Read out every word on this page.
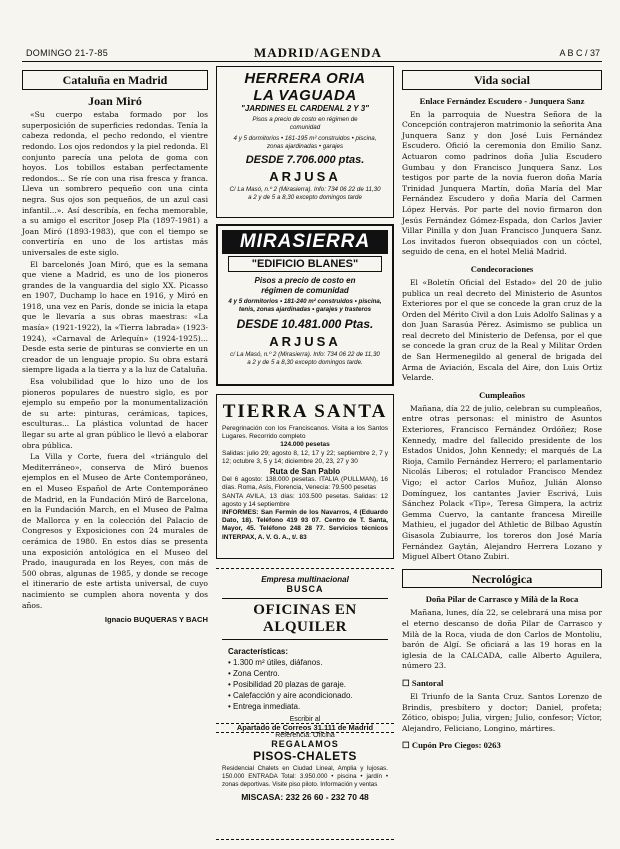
DOMINGO 21-7-85	MADRID/AGENDA	A B C / 37
Cataluña en Madrid
Joan Miró

«Su cuerpo estaba formado por los superposición de superficies redondas. Tenía la cabeza redonda, el pecho redondo, el vientre redondo. Los ojos redondos y la piel redonda. El conjunto parecía una pelota de goma con hoyos. Los tobillos estaban perfectamente redondos... Se ríe con una risa fresca y franca. Lleva un sombrero pequeño con una cinta negra. Sus ojos son pequeños, de un azul casi infantil...». Así describía, en fecha memorable, a su amigo el escritor Josep Pla (1897-1981) a Joan Miró (1893-1983), que con el tiempo se convertiría en uno de los artistas más universales de este siglo.

El barcelonés Joan Miró, que es la semana que viene a Madrid, es uno de los pioneros grandes de la vanguardia del siglo XX. Picasso en 1907, Duchamp lo hace en 1916, y Miró en 1918, una vez en París, donde se inicia la etapa que le llevaría a sus obras maestras: «La masía» (1921-1922), la «Tierra labrada» (1923-1924), «Carnaval de Arlequín» (1924-1925)... Desde esta serie de pinturas se convierte en un creador de un lenguaje propio. Su obra estará siempre ligada a la tierra y a la luz de Cataluña.

Esa volubilidad que lo hizo uno de los pioneros populares de nuestro siglo, es por ejemplo su empeño por la monumentalización de su arte: pinturas, cerámicas, tapices, esculturas... La plástica voluntad de hacer llegar su arte al gran público le llevó a elaborar obra pública.

La Villa y Corte, fuera del «triángulo del Mediterráneo», conserva de Miró buenos ejemplos en el Museo de Arte Contemporáneo, en el Museo Español de Arte Contemporáneo de Madrid, en la Fundación Miró de Barcelona, en la Fundación March, en el Museo de Palma de Mallorca y en la colección del Palacio de Congresos y Exposiciones con 24 murales de cerámica de 1980. En estos días se presenta una exposición antológica en el Museo del Prado, inaugurada en los Reyes, con más de 500 obras, algunas de 1985, y donde se recoge el itinerario de este artista universal, de cuyo nacimiento se cumplen ahora noventa y dos años.

Ignacio BUQUERAS Y BACH
HERRERA ORIA
LA VAGUADA
"JARDINES EL CARDENAL 2 Y 3"
Pisos a precio de costo en régimen de comunidad
4 y 5 dormitorios • 161-195 m² construidos • piscina, zonas ajardinadas • garajes
DESDE 7.706.000 ptas.
ARJUSA
C/ La Masó, n.º 2 (Mirasierra). Info: 734 06 22 de 11,30 a 2 y de 5 a 8,30 excepto domingos tarde
MIRASIERRA
"EDIFICIO BLANES"
Pisos a precio de costo en régimen de comunidad
4 y 5 dormitorios • 181-240 m² construidos • piscina, tenis, zonas ajardinadas • garajes y trasteros
DESDE 10.481.000 Ptas.
ARJUSA
c/ La Masó, n.º 2 (Mirasierra). Info: 734 06 22 de 11,30 a 2 y de 5 a 8,30 excepto domingos tarde.
TIERRA SANTA
Peregrinación con los Franciscanos. Visita a los Santos Lugares. Recorrido completo
124.000 pesetas
Salidas: julio 29; agosto 8, 12, 17 y 22; septiembre 2, 7 y 12; octubre 3, 5 y 14; diciembre 20, 23, 27 y 30
Ruta de San Pablo
Del 6 agosto: 138.000 pesetas. ITALIA (PULLMAN), 16 días. Roma, Asís, Florencia, Venecia: 79.500 pesetas
SANTA AVILA, 13 días: 103.500 pesetas. Salidas: 12 agosto y 14 septiembre
INFORMES: San Fermín de los Navarros, 4 (Eduardo Dato, 18). Teléfono 419 93 07. Centro de T. Santa, Mayor, 45. Teléfono 248 28 77. Servicios técnicos INTERPAX, A. V. G. A., t/. 83
Empresa multinacional
BUSCA
OFICINAS EN ALQUILER
Características:
• 1.300 m² útiles, diáfanos.
• Zona Centro.
• Posibilidad 20 plazas de garaje.
• Calefacción y aire acondicionado.
• Entrega inmediata.
Escribir al
Apartado de Correos 31.111 de Madrid
Referencia: Oficina
REGALAMOS
PISOS-CHALETS
Residencial Chalets en Ciudad Lineal, Amplia y lujosas. 150.000 ENTRADA Total: 3.950.000 • piscina • jardín • zonas deportivas. Visite piso piloto. Información y ventas
MISCASA: 232 26 60 - 232 70 48
Vida social
Enlace Fernández Escudero - Junquera Sanz

En la parroquia de Nuestra Señora de la Concepción contrajeron matrimonio la señorita Ana Junquera Sanz y don José Luis Fernández Escudero. Ofició la ceremonia don Emilio Sanz. Actuaron como padrinos doña Julia Escudero Gumbau y don Francisco Junquera Sanz. Los testigos por parte de la novia fueron doña María Trinidad Junquera Martín, doña María del Mar Fernández Escudero y doña María del Carmen López Hervás. Por parte del novio firmaron don Jesús Fernández Gómez-Espada, don Carlos Javier Villar Pinilla y don Juan Francisco Junquera Sanz. Los invitados fueron obsequiados con un cóctel, seguido de cena, en el hotel Meliá Madrid.

Condecoraciones

El «Boletín Oficial del Estado» del 20 de julio publica un real decreto del Ministerio de Asuntos Exteriores por el que se concede la gran cruz de la Orden del Mérito Civil a don Luis Adolfo Salinas y a don Juan Sarasúa Pérez. Asimismo se publica un real decreto del Ministerio de Defensa, por el que se concede la gran cruz de la Real y Militar Orden de San Hermenegildo al general de brigada del Arma de Aviación, Escala del Aire, don Luis Ortiz Velarde.

Cumpleaños

Mañana, día 22 de julio, celebran su cumpleaños, entre otras personas: el ministro de Asuntos Exteriores, Francisco Fernández Ordóñez; Rose Kennedy, madre del fallecido presidente de los Estados Unidos, John Kennedy; el marqués de La Rioja, Camilo Fernández Herrero; el parlamentario Nicolás Liberos; el rotulador Francisco Mendez Vigo; el actor Carlos Muñoz, Julián Alonso Domínguez, los cantantes Javier Escrivá, Luis Sánchez Polack «Tip», Teresa Gimpera, la actriz Gemma Cuervo, la cantante francesa Mireille Mathieu, el jugador del Athletic de Bilbao Agustín Gisasola Zubiaurre, los toreros don José María Fernández Gaytán, Alejandro Herrera Lozano y Miguel Albert Otano Zubiri.

Necrológica
Doña Pilar de Carrasco y Milà de la Roca

Mañana, lunes, día 22, se celebrará una misa por el eterno descanso de doña Pilar de Carrasco y Milà de la Roca, viuda de don Carlos de Montoliu, barón de Algí. Se oficiará a las 19 horas en la iglesia de la CALCADA, calle Alberto Aguilera, número 23.

☐ Santoral

El Triunfo de la Santa Cruz. Santos Lorenzo de Brindis, presbítero y doctor; Daniel, profeta; Zótico, obispo; Julia, virgen; Julio, confesor; Víctor, Alejandro, Feliciano, Longino, mártires.

☐ Cupón Pro Ciegos: 0263
